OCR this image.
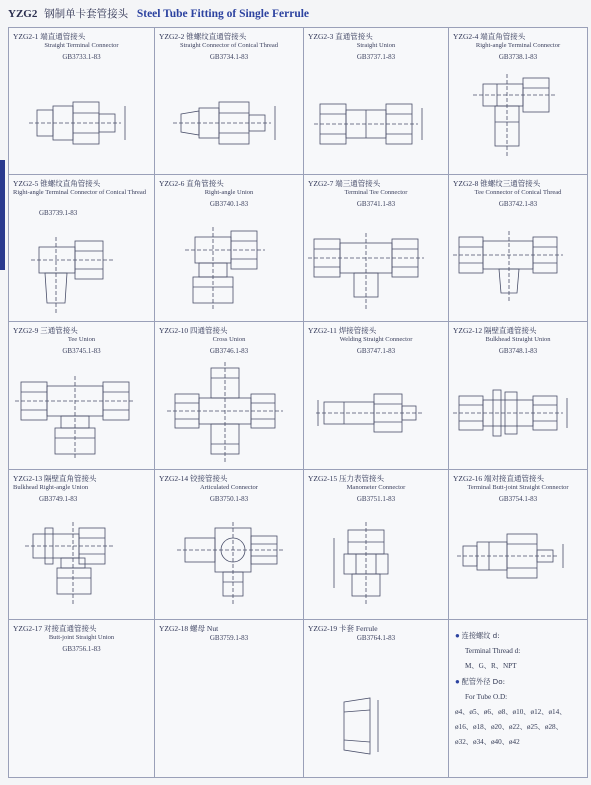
YZG2 钢制单卡套管接头 Steel Tube Fitting of Single Ferrule
YZG2-1 端直通管接头
Straight Terminal Connector
GB3733.1-83
YZG2-2 锥螺纹直通管接头
Straight Connector of Conical Thread
GB3734.1-83
YZG2-3 直通管接头
Straight Union
GB3737.1-83
YZG2-4 端直角管接头
Right-angle Terminal Connector
GB3738.1-83
YZG2-5 锥螺纹直角管接头
Right-angle Terminal Connector of Conical Thread
GB3739.1-83
YZG2-6 直角管接头
Right-angle Union
GB3740.1-83
YZG2-7 端三通管接头
Terminal Tee Connector
GB3741.1-83
YZG2-8 锥螺纹三通管接头
Tee Connector of Conical Thread
GB3742.1-83
YZG2-9 三通管接头
Tee Union
GB3745.1-83
YZG2-10 四通管接头
Cross Union
GB3746.1-83
YZG2-11 焊接管接头
Welding Straight Connector
GB3747.1-83
YZG2-12 隔壁直通管接头
Bulkhead Straight Union
GB3748.1-83
YZG2-13 隔壁直角管接头
Bulkhead Right-angle Union
GB3749.1-83
YZG2-14 铰接管接头
Articulated Connector
GB3750.1-83
YZG2-15 压力表管接头
Manometer Connector
GB3751.1-83
YZG2-16 端对接直通管接头
Terminal Butt-joint Straight Connector
GB3754.1-83
YZG2-17 对接直通管接头
Butt-joint Straight Union
GB3756.1-83
YZG2-18 螺母 Nut
GB3759.1-83
YZG2-19 卡套 Ferrule
GB3764.1-83	● 连接螺纹 d:
Terminal Thread d:
M、G、R、NPT
● 配管外径 Do:
For Tube O.D:
ø4、ø5、ø6、ø8、ø10、ø12、ø14、
ø16、ø18、ø20、ø22、ø25、ø28、
ø32、ø34、ø40、ø42
